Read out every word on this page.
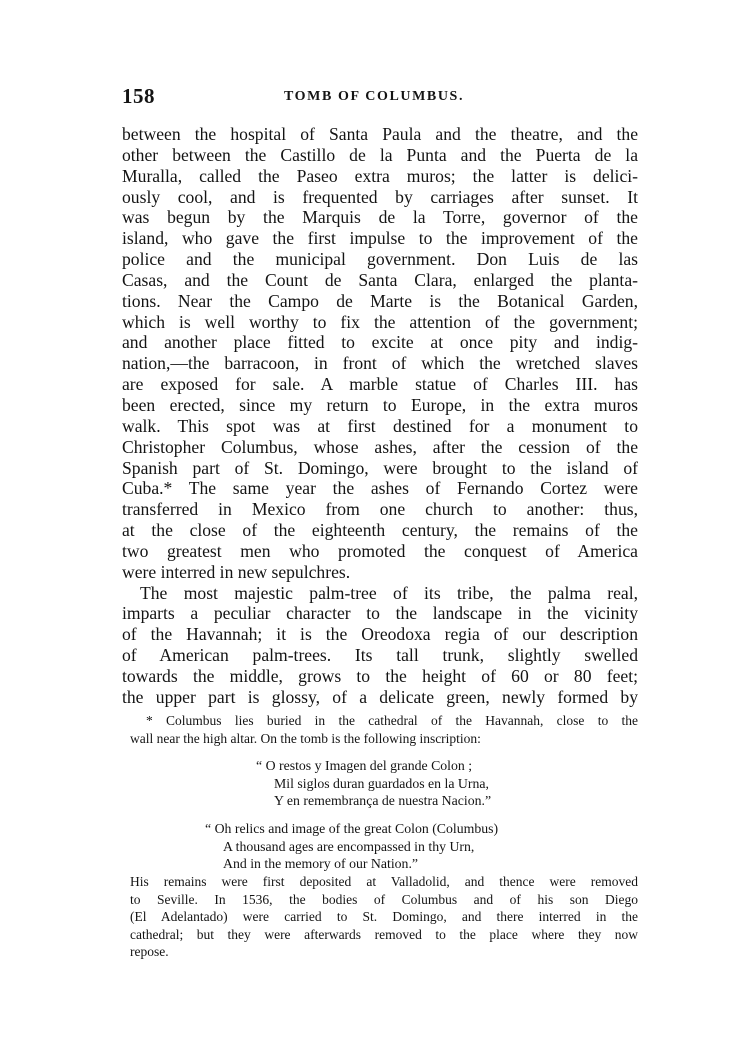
158	TOMB OF COLUMBUS.
between the hospital of Santa Paula and the theatre, and the
other between the Castillo de la Punta and the Puerta de la
Muralla, called the Paseo extra muros; the latter is delici-
ously cool, and is frequented by carriages after sunset. It
was begun by the Marquis de la Torre, governor of the
island, who gave the first impulse to the improvement of the
police and the municipal government. Don Luis de las
Casas, and the Count de Santa Clara, enlarged the planta-
tions. Near the Campo de Marte is the Botanical Garden,
which is well worthy to fix the attention of the government;
and another place fitted to excite at once pity and indig-
nation,—the barracoon, in front of which the wretched slaves
are exposed for sale. A marble statue of Charles III. has
been erected, since my return to Europe, in the extra muros
walk. This spot was at first destined for a monument to
Christopher Columbus, whose ashes, after the cession of the
Spanish part of St. Domingo, were brought to the island of
Cuba.* The same year the ashes of Fernando Cortez were
transferred in Mexico from one church to another: thus,
at the close of the eighteenth century, the remains of the
two greatest men who promoted the conquest of America
were interred in new sepulchres.
The most majestic palm-tree of its tribe, the palma real,
imparts a peculiar character to the landscape in the vicinity
of the Havannah; it is the Oreodoxa regia of our description
of American palm-trees. Its tall trunk, slightly swelled
towards the middle, grows to the height of 60 or 80 feet;
the upper part is glossy, of a delicate green, newly formed by
* Columbus lies buried in the cathedral of the Havannah, close to the
wall near the high altar. On the tomb is the following inscription:
“ O restos y Imagen del grande Colon ;
Mil siglos duran guardados en la Urna,
Y en remembrança de nuestra Nacion.”
“ Oh relics and image of the great Colon (Columbus)
A thousand ages are encompassed in thy Urn,
And in the memory of our Nation.”
His remains were first deposited at Valladolid, and thence were removed
to Seville. In 1536, the bodies of Columbus and of his son Diego
(El Adelantado) were carried to St. Domingo, and there interred in the
cathedral; but they were afterwards removed to the place where they now
repose.
